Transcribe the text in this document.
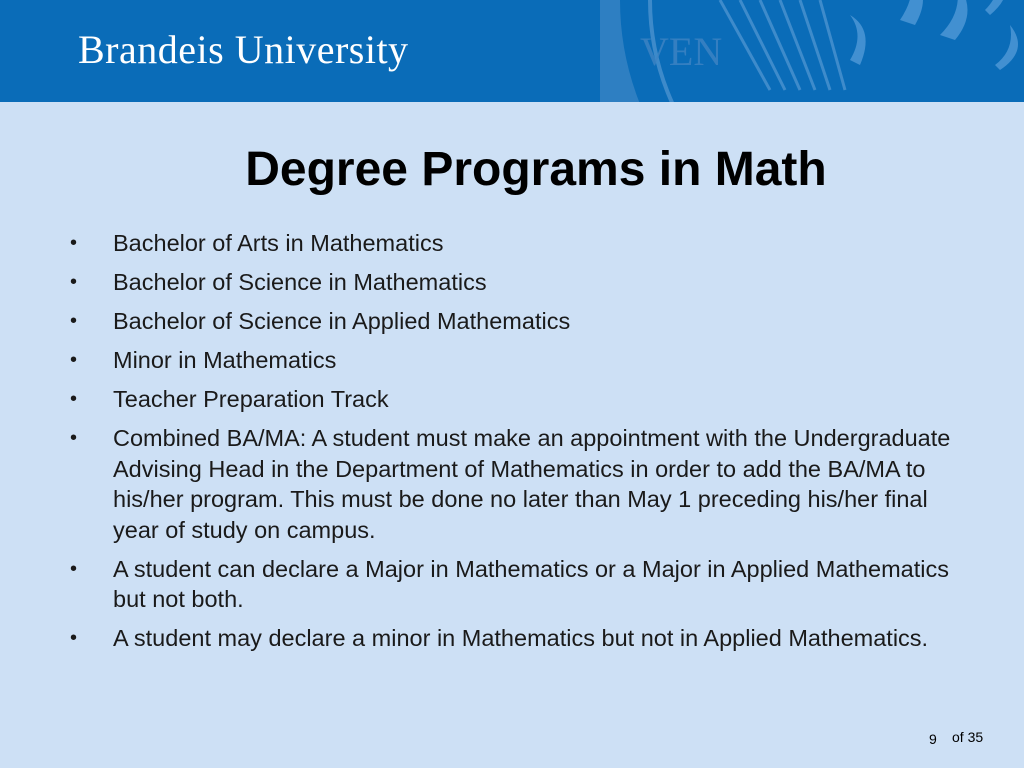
Brandeis University	VEN
Degree Programs in Math
• Bachelor of Arts in Mathematics
• Bachelor of Science in Mathematics
• Bachelor of Science in Applied Mathematics
• Minor in Mathematics
• Teacher Preparation Track
• Combined BA/MA: A student must make an appointment with the Undergraduate Advising Head in the Department of Mathematics in order to add the BA/MA to his/her program. This must be done no later than May 1 preceding his/her final year of study on campus.
• A student can declare a Major in Mathematics or a Major in Applied Mathematics but not both.
• A student may declare a minor in Mathematics but not in Applied Mathematics.
9 of 35
